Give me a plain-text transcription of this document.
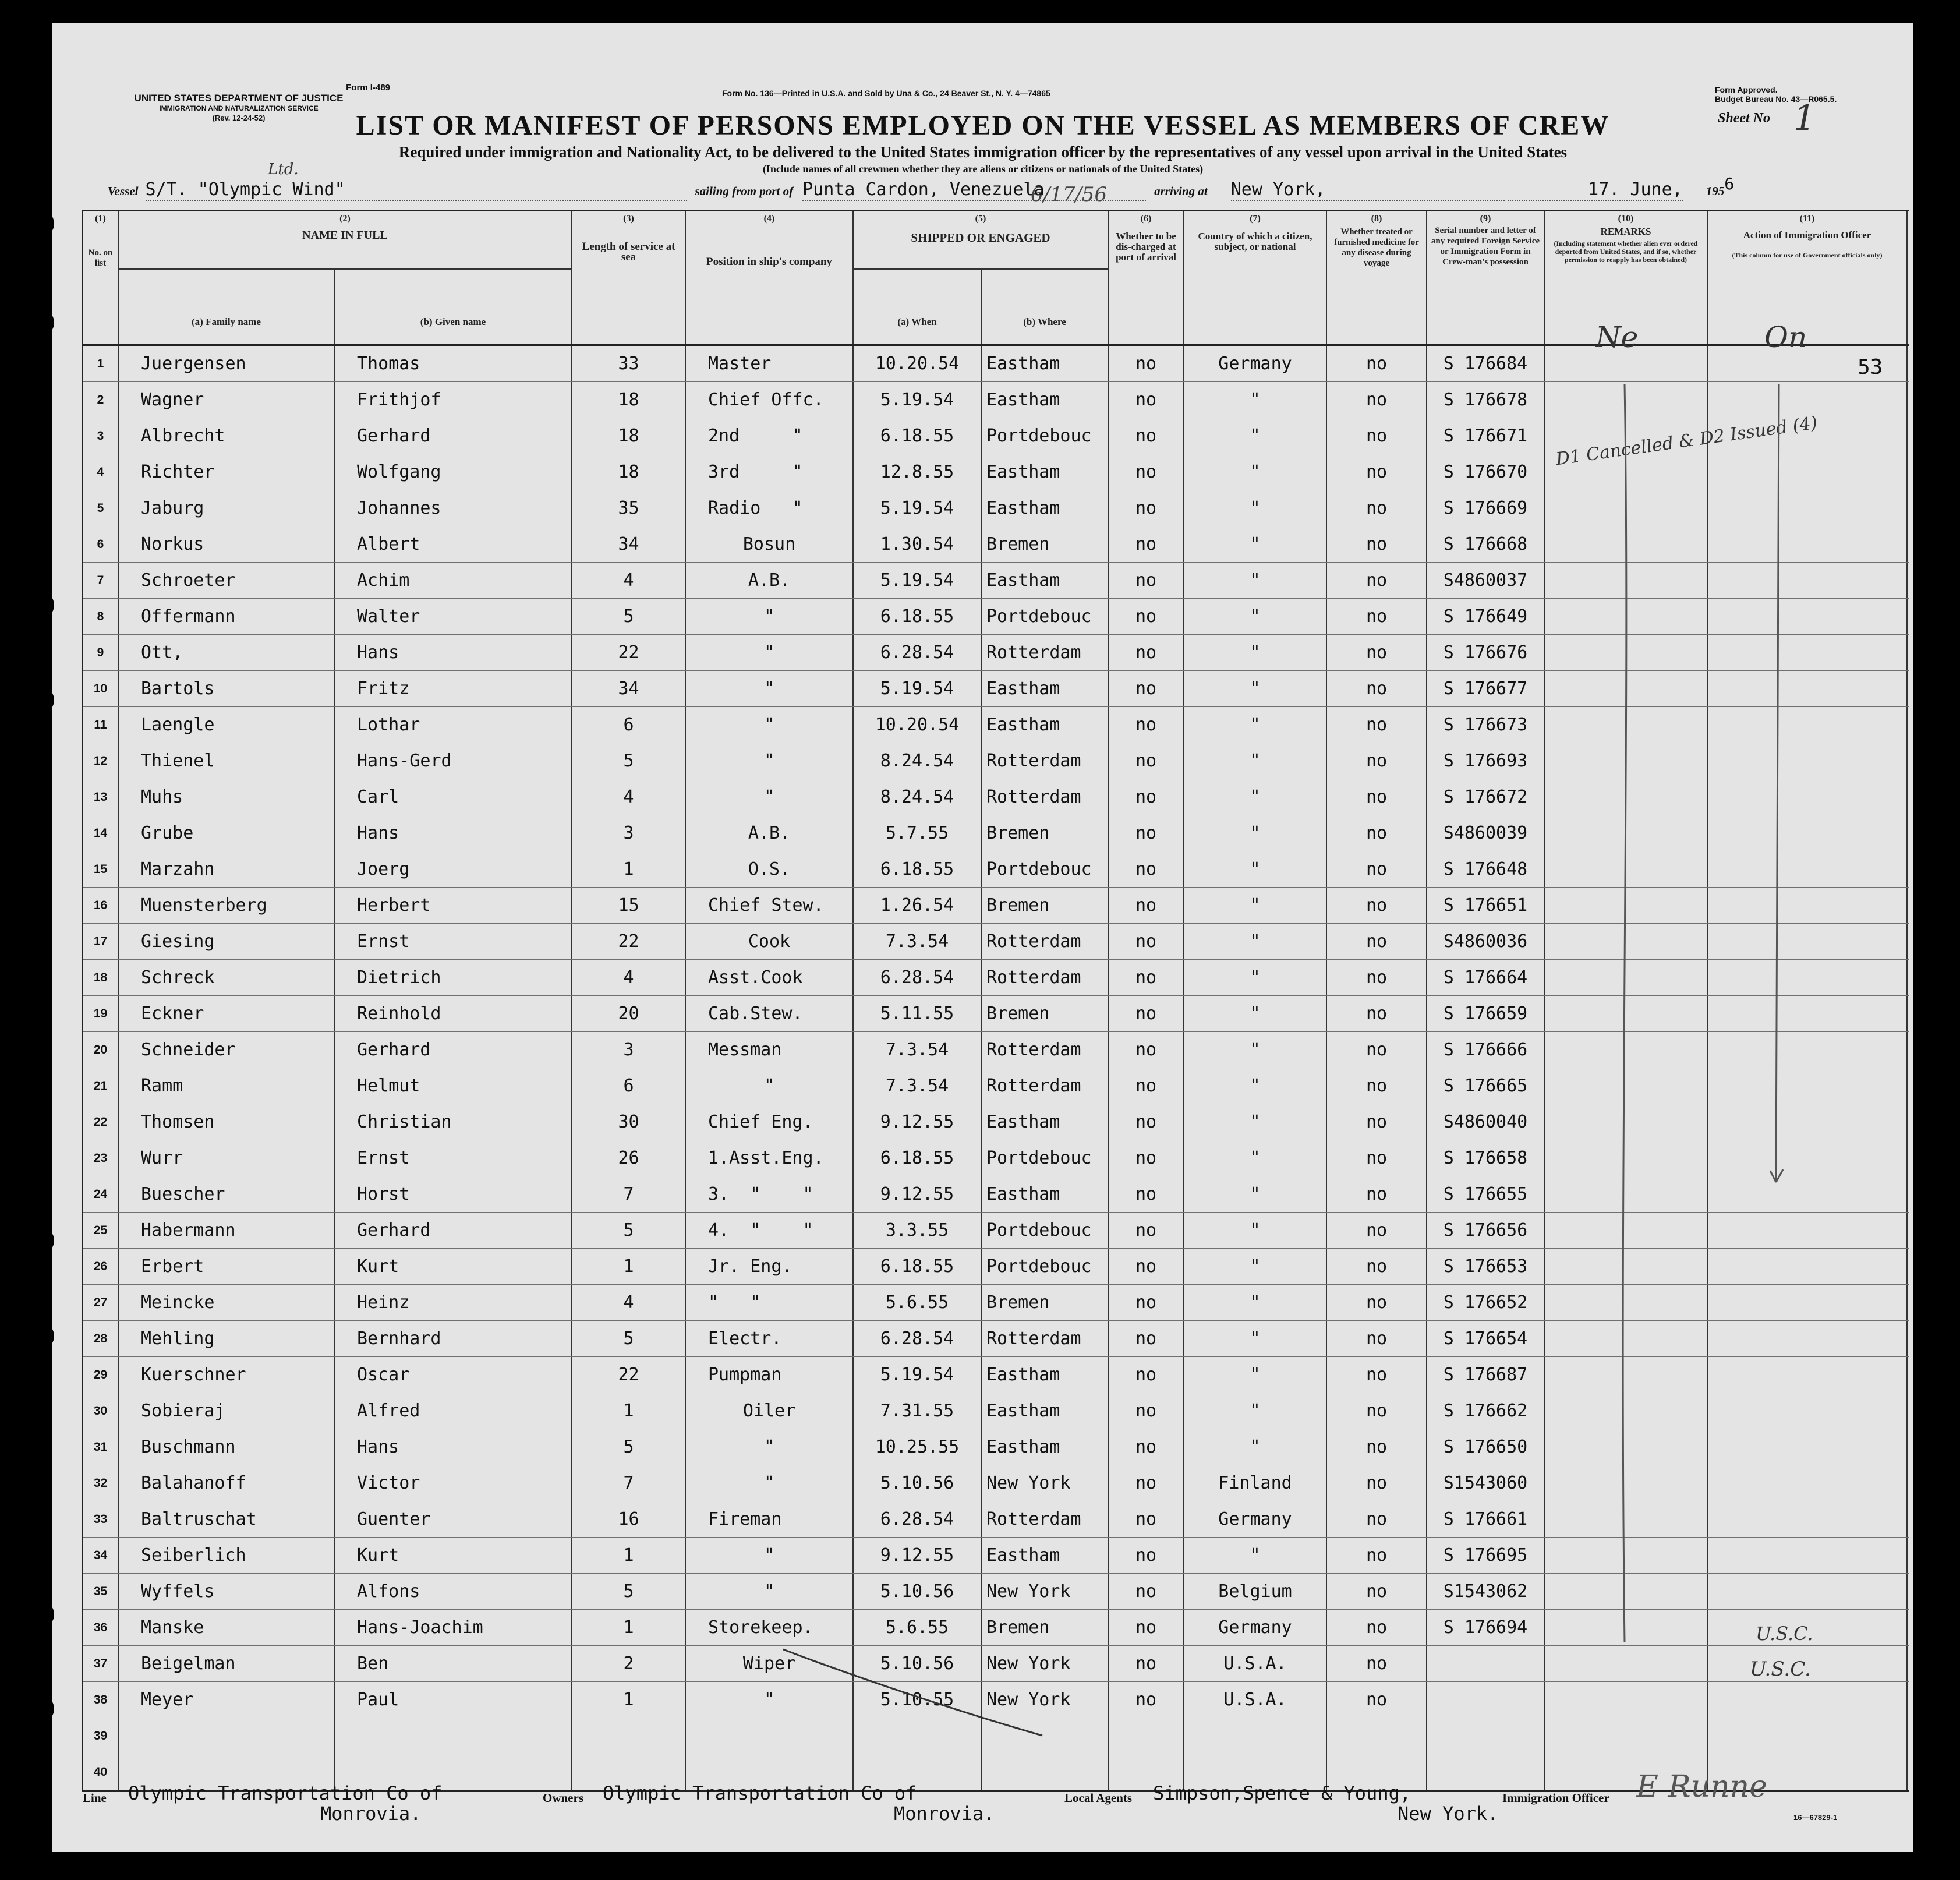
Form I-489
UNITED STATES DEPARTMENT OF JUSTICE
IMMIGRATION AND NATURALIZATION SERVICE
(Rev. 12-24-52)
Form No. 136—Printed in U.S.A. and Sold by Una & Co., 24 Beaver St., N. Y. 4—74865	Form Approved.
Budget Bureau No. 43—R065.5.
Sheet No 1
LIST OR MANIFEST OF PERSONS EMPLOYED ON THE VESSEL AS MEMBERS OF CREW
Required under immigration and Nationality Act, to be delivered to the United States immigration officer by the representatives of any vessel upon arrival in the United States
(Include names of all crewmen whether they are aliens or citizens or nationals of the United States)
Ltd.
6/17/56
Vessel S/T. "Olympic Wind"	sailing from port of Punta Cardon, Venezuela	arriving at New York,	17. June, 195 6
(1)
No. on list
(2)
NAME IN FULL
(a) Family name	(b) Given name
(3)
Length of service at sea
(4)
Position in ship's company
(5)
SHIPPED OR ENGAGED
(a) When	(b) Where
(6)
Whether to be dis-charged at port of arrival
(7)
Country of which a citizen, subject, or national
(8)
Whether treated or furnished medicine for any disease during voyage
(9)
Serial number and letter of any required Foreign Service or Immigration Form in Crew-man's possession
(10)
REMARKS
(Including statement whether alien ever ordered deported from United States, and if so, whether permission to reapply has been obtained)
(11)
Action of Immigration Officer
(This column for use of Government officials only)
1	Juergensen	Thomas	33	Master	10.20.54	Eastham	no	Germany	no	S 176684
2	Wagner	Frithjof	18	Chief Offc.	5.19.54	Eastham	no	"	no	S 176678
3	Albrecht	Gerhard	18	2nd     "	6.18.55	Portdebouc	no	"	no	S 176671
4	Richter	Wolfgang	18	3rd     "	12.8.55	Eastham	no	"	no	S 176670
5	Jaburg	Johannes	35	Radio   "	5.19.54	Eastham	no	"	no	S 176669
6	Norkus	Albert	34	Bosun	1.30.54	Bremen	no	"	no	S 176668
7	Schroeter	Achim	4	A.B.	5.19.54	Eastham	no	"	no	S4860037
8	Offermann	Walter	5	"	6.18.55	Portdebouc	no	"	no	S 176649
9	Ott,	Hans	22	"	6.28.54	Rotterdam	no	"	no	S 176676
10	Bartols	Fritz	34	"	5.19.54	Eastham	no	"	no	S 176677
11	Laengle	Lothar	6	"	10.20.54	Eastham	no	"	no	S 176673
12	Thienel	Hans-Gerd	5	"	8.24.54	Rotterdam	no	"	no	S 176693
13	Muhs	Carl	4	"	8.24.54	Rotterdam	no	"	no	S 176672
14	Grube	Hans	3	A.B.	5.7.55	Bremen	no	"	no	S4860039
15	Marzahn	Joerg	1	O.S.	6.18.55	Portdebouc	no	"	no	S 176648
16	Muensterberg	Herbert	15	Chief Stew.	1.26.54	Bremen	no	"	no	S 176651
17	Giesing	Ernst	22	Cook	7.3.54	Rotterdam	no	"	no	S4860036
18	Schreck	Dietrich	4	Asst.Cook	6.28.54	Rotterdam	no	"	no	S 176664
19	Eckner	Reinhold	20	Cab.Stew.	5.11.55	Bremen	no	"	no	S 176659
20	Schneider	Gerhard	3	Messman	7.3.54	Rotterdam	no	"	no	S 176666
21	Ramm	Helmut	6	"	7.3.54	Rotterdam	no	"	no	S 176665
22	Thomsen	Christian	30	Chief Eng.	9.12.55	Eastham	no	"	no	S4860040
23	Wurr	Ernst	26	1.Asst.Eng.	6.18.55	Portdebouc	no	"	no	S 176658
24	Buescher	Horst	7	3.  "    "	9.12.55	Eastham	no	"	no	S 176655
25	Habermann	Gerhard	5	4.  "    "	3.3.55	Portdebouc	no	"	no	S 176656
26	Erbert	Kurt	1	Jr. Eng.	6.18.55	Portdebouc	no	"	no	S 176653
27	Meincke	Heinz	4	"   "	5.6.55	Bremen	no	"	no	S 176652
28	Mehling	Bernhard	5	Electr.	6.28.54	Rotterdam	no	"	no	S 176654
29	Kuerschner	Oscar	22	Pumpman	5.19.54	Eastham	no	"	no	S 176687
30	Sobieraj	Alfred	1	Oiler	7.31.55	Eastham	no	"	no	S 176662
31	Buschmann	Hans	5	"	10.25.55	Eastham	no	"	no	S 176650
32	Balahanoff	Victor	7	"	5.10.56	New York	no	Finland	no	S1543060
33	Baltruschat	Guenter	16	Fireman	6.28.54	Rotterdam	no	Germany	no	S 176661
34	Seiberlich	Kurt	1	"	9.12.55	Eastham	no	"	no	S 176695
35	Wyffels	Alfons	5	"	5.10.56	New York	no	Belgium	no	S1543062
36	Manske	Hans-Joachim	1	Storekeep.	5.6.55	Bremen	no	Germany	no	S 176694
37	Beigelman	Ben	2	Wiper	5.10.56	New York	no	U.S.A.	no
38	Meyer	Paul	1	"	5.10.55	New York	no	U.S.A.	no
39
40
Ne	On
53
D1 Cancelled & D2 Issued (4)
U.S.C.
U.S.C.
Line Olympic Transportation Co of
Monrovia.
Owners Olympic Transportation Co of
Monrovia.
Local Agents Simpson,Spence & Young,
New York.
Immigration Officer E Runne
16—67829-1
